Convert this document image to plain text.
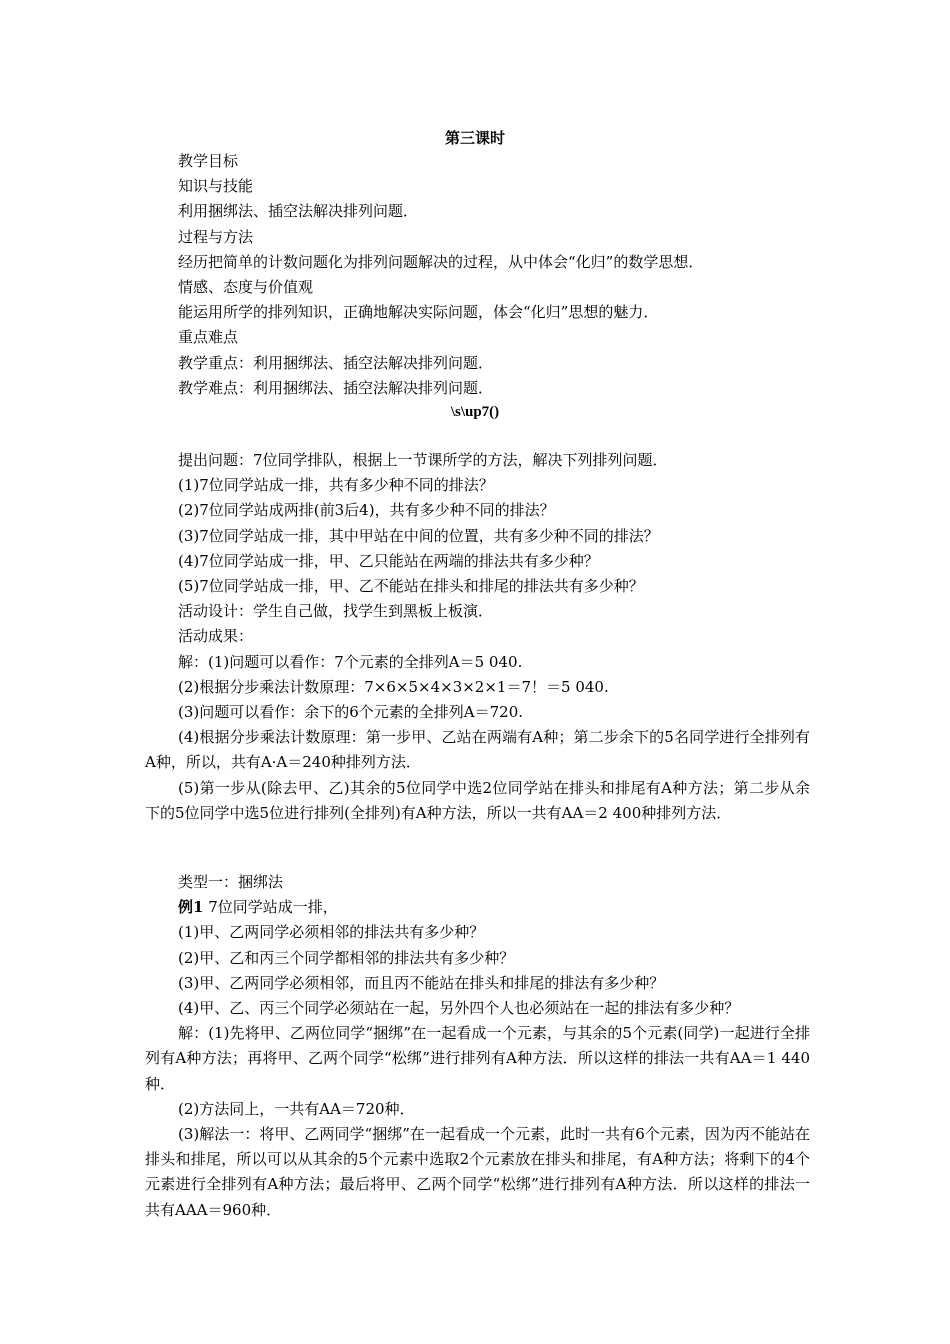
第三课时
教学目标
知识与技能
利用捆绑法、插空法解决排列问题．
过程与方法
经历把简单的计数问题化为排列问题解决的过程，从中体会“化归”的数学思想．
情感、态度与价值观
能运用所学的排列知识，正确地解决实际问题，体会“化归”思想的魅力．
重点难点
教学重点：利用捆绑法、插空法解决排列问题．
教学难点：利用捆绑法、插空法解决排列问题．
\s\up7()
提出问题：7位同学排队，根据上一节课所学的方法，解决下列排列问题．
(1)7位同学站成一排，共有多少种不同的排法？
(2)7位同学站成两排(前3后4)，共有多少种不同的排法？
(3)7位同学站成一排，其中甲站在中间的位置，共有多少种不同的排法？
(4)7位同学站成一排，甲、乙只能站在两端的排法共有多少种？
(5)7位同学站成一排，甲、乙不能站在排头和排尾的排法共有多少种？
活动设计：学生自己做，找学生到黑板上板演．
活动成果：
解：(1)问题可以看作：7个元素的全排列A＝5 040.
(2)根据分步乘法计数原理：7×6×5×4×3×2×1＝7！＝5 040.
(3)问题可以看作：余下的6个元素的全排列A＝720.
(4)根据分步乘法计数原理：第一步甲、乙站在两端有A种；第二步余下的5名同学进行全排列有A种，所以，共有A·A＝240种排列方法．
(5)第一步从(除去甲、乙)其余的5位同学中选2位同学站在排头和排尾有A种方法；第二步从余下的5位同学中选5位进行排列(全排列)有A种方法，所以一共有AA＝2 400种排列方法．
类型一：捆绑法
例1 7位同学站成一排，
(1)甲、乙两同学必须相邻的排法共有多少种？
(2)甲、乙和丙三个同学都相邻的排法共有多少种？
(3)甲、乙两同学必须相邻，而且丙不能站在排头和排尾的排法有多少种？
(4)甲、乙、丙三个同学必须站在一起，另外四个人也必须站在一起的排法有多少种？
解：(1)先将甲、乙两位同学“捆绑”在一起看成一个元素，与其余的5个元素(同学)一起进行全排列有A种方法；再将甲、乙两个同学“松绑”进行排列有A种方法．所以这样的排法一共有AA＝1 440种．
(2)方法同上，一共有AA＝720种．
(3)解法一：将甲、乙两同学“捆绑”在一起看成一个元素，此时一共有6个元素，因为丙不能站在排头和排尾，所以可以从其余的5个元素中选取2个元素放在排头和排尾，有A种方法；将剩下的4个元素进行全排列有A种方法；最后将甲、乙两个同学“松绑”进行排列有A种方法．所以这样的排法一共有AAA＝960种．
